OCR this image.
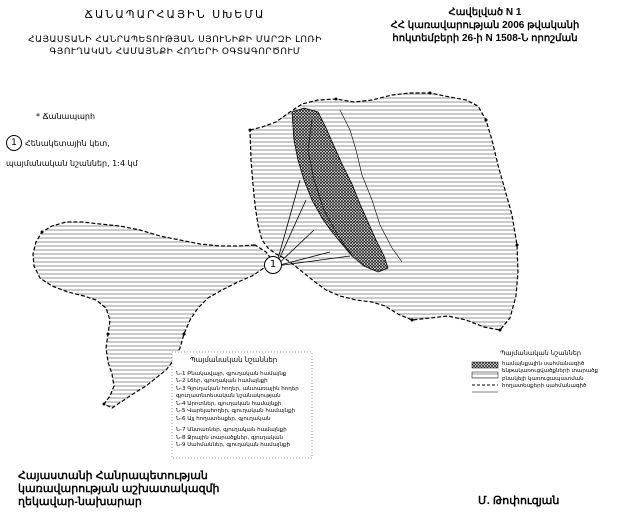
1
ՃԱՆԱՊԱՐՀԱՅԻՆ ՍԽԵՄԱ
ՀԱՅԱՍՏԱՆԻ ՀԱՆՐԱՊԵՏՈՒԹՅԱՆ ՍՅՈՒՆԻՔԻ ՄԱՐԶԻ ԼՈՌԻ
ԳՅՈՒՂԱԿԱՆ ՀԱՄԱՅՆՔԻ ՀՈՂԵՐԻ ՕԳՏԱԳՈՐԾՈՒՄ
Հավելված N 1
ՀՀ կառավարության 2006 թվականի
հոկտեմբերի 26-ի N 1508-Ն որոշման
* Ճանապարհ
1	Հենակետային կետ,
պայմանական նշաններ, 1:4 կմ
Պայմանական նշաններ
Ն-1 Բնակավայր, գյուղական համայնք
Ն-2 Լճեր, գյուղական համայնքի
Ն-3 Գյուղական հողեր, անտառային հողեր
գյուղատնտեսական նշանակության
Ն-4 Արոտներ, գյուղական համայնքի
Ն-5 Վարելահողեր, գյուղական համայնքի
Ն-6 Այլ հողատեսքեր, գյուղական
Ն-7 Անտառներ, գյուղական համայնքի
Ն-8 Ջրային տարածքներ, գյուղական
Ն-9 Սահմաններ, գյուղական համայնքի
Պայմանական նշաններ
համայնքային սահմանագիծ
ենթակառուցվածքների տարածք
բնակելի կառուցապատման
հողատեսքերի սահմանագիծ
Հայաստանի Հանրապետության
կառավարության աշխատակազմի
ղեկավար-նախարար	Մ. Թոփուզյան
